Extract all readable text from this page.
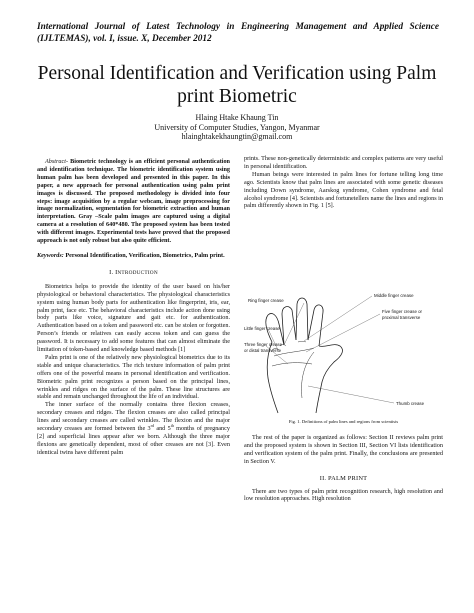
International Journal of Latest Technology in Engineering Management and Applied Science (IJLTEMAS), vol. I, issue. X, December 2012
Personal Identification and Verification using Palm print Biometric
Hlaing Htake Khaung Tin
University of Computer Studies, Yangon, Myanmar
hlainghtakekhaungtin@gmail.com

Abstract- Biometric technology is an efficient personal authentication and identification technique. The biometric identification system using human palm has been developed and presented in this paper. In this paper, a new approach for personal authentication using palm print images is discussed. The proposed methodology is divided into four steps: image acquisition by a regular webcam, image preprocessing for image normalization, segmentation for biometric extraction and human interpretation. Gray –Scale palm images are captured using a digital camera at a resolution of 640*480. The proposed system has been tested with different images. Experimental tests have proved that the proposed approach is not only robust but also quite efficient.

Keywords: Personal Identification, Verification, Biometrics, Palm print.

I. INTRODUCTION

Biometrics helps to provide the identity of the user based on his/her physiological or behavioral characteristics. The physiological characteristics system using human body parts for authentication like fingerprint, iris, ear, palm print, face etc. The behavioral characteristics include action done using body parts like voice, signature and gait etc. for authentication. Authentication based on a token and password etc. can be stolen or forgotten. Person’s friends or relatives can easily access token and can guess the password. It is necessary to add some features that can almost eliminate the limitation of token-based and knowledge based methods [1]

Palm print is one of the relatively new physiological biometrics due to its stable and unique characteristics. The rich texture information of palm print offers one of the powerful means in personal identification and verification. Biometric palm print recognizes a person based on the principal lines, wrinkles and ridges on the surface of the palm. These line structures are stable and remain unchanged throughout the life of an individual.

The inner surface of the normally contains three flexion creases, secondary creases and ridges. The flexion creases are also called principal lines and secondary creases are called wrinkles. The flexion and the major secondary creases are formed between the 3rd and 5th months of pregnancy [2] and superficial lines appear after we born. Although the three major flexions are genetically dependent, most of other creases are not [3]. Even identical twins have different palm

prints. These non-genetically deterministic and complex patterns are very useful in personal identification.

Human beings were interested in palm lines for fortune telling long time ago. Scientists know that palm lines are associated with some genetic diseases including Down syndrome, Aarskog syndrome, Cohen syndrome and fetal alcohol syndrome [4]. Scientists and fortunetellers name the lines and regions in palm differently shown in Fig. 1 [5].

Middle finger crease
Ring finger crease
Five finger crease or
proximal transverse
Little finger crease
Three finger crease
or distal transverse
Thumb crease
Fig. 1. Definitions of palm lines and regions from scientists

The rest of the paper is organized as follows: Section II reviews palm print and the proposed system is shown in Section III, Section VI lists identification and verification system of the palm print. Finally, the conclusions are presented in Section V.

II. PALM PRINT

There are two types of palm print recognition research, high resolution and low resolution approaches. High resolution
